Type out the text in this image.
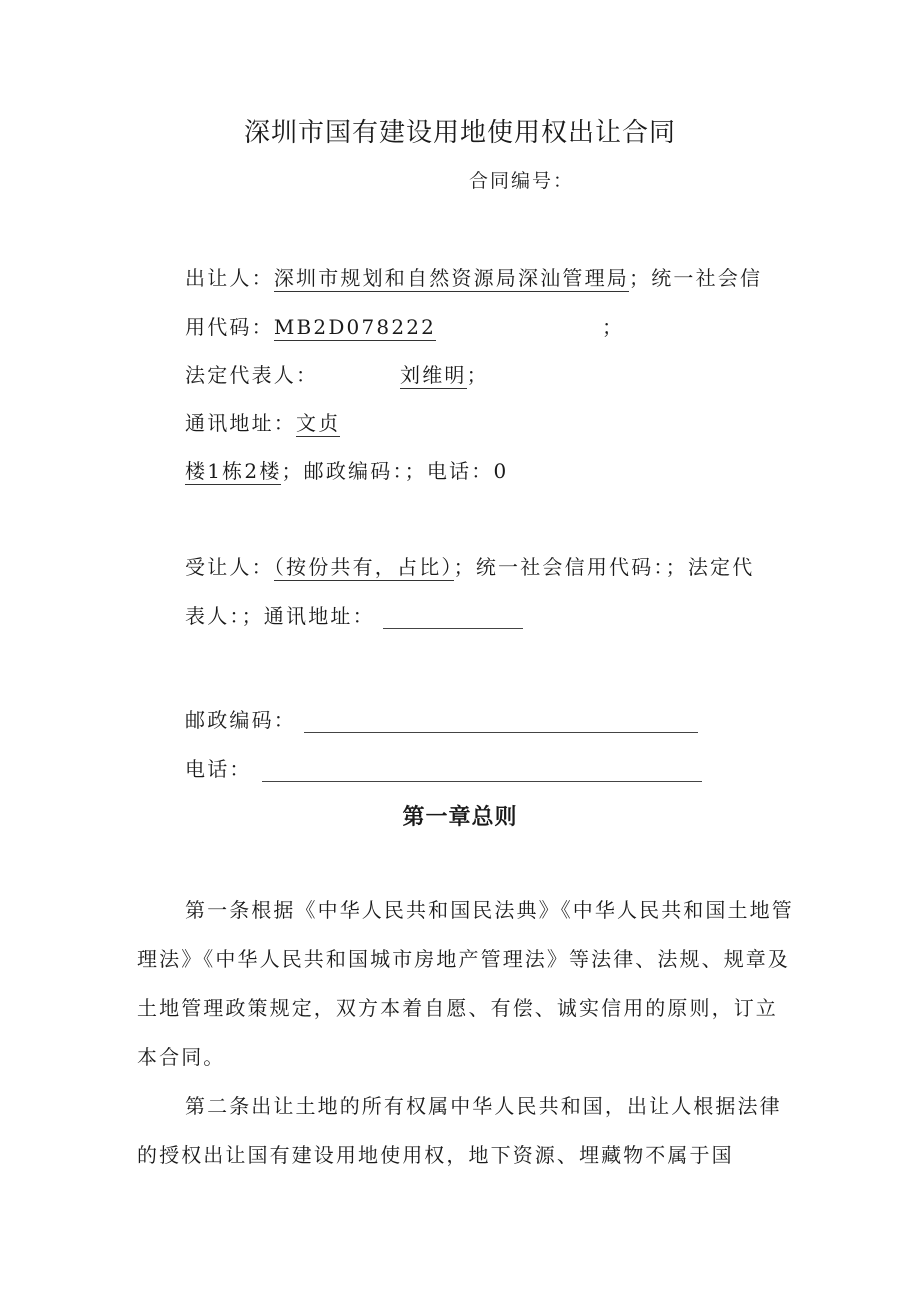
深圳市国有建设用地使用权出让合同
合同编号：
出让人：深圳市规划和自然资源局深汕管理局；统一社会信
用代码：MB2D078222	；
法定代表人：	刘维明；
通讯地址：文贞
楼1栋2楼；邮政编码：；电话：0
受让人：（按份共有，占比）；统一社会信用代码：；法定代
表人：；通讯地址：
邮政编码：
电话：
第一章总则
第一条根据《中华人民共和国民法典》《中华人民共和国土地管理法》《中华人民共和国城市房地产管理法》等法律、法规、规章及土地管理政策规定，双方本着自愿、有偿、诚实信用的原则，订立本合同。
第二条出让土地的所有权属中华人民共和国，出让人根据法律的授权出让国有建设用地使用权，地下资源、埋藏物不属于国
